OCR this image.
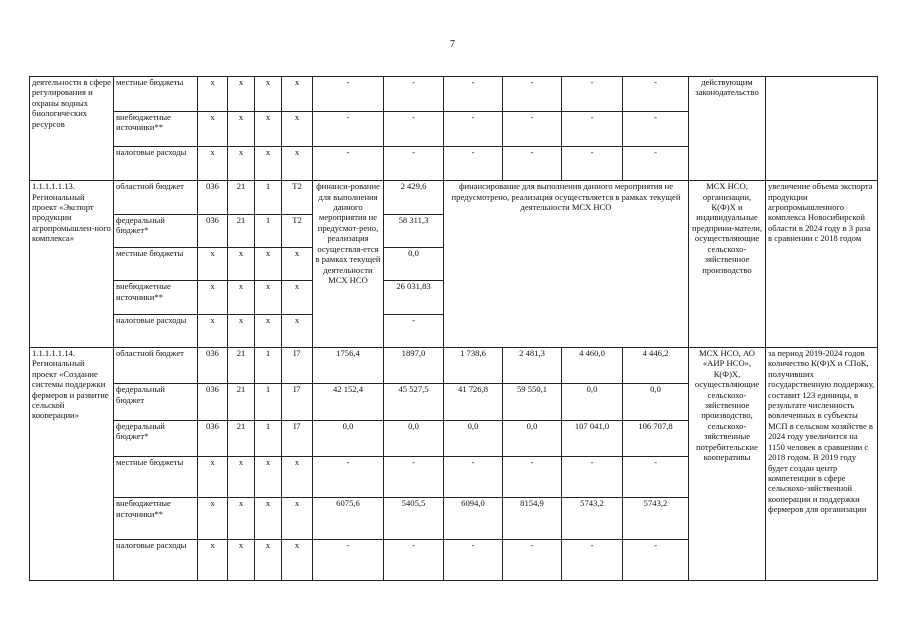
7
деятельности в сфере регулирования и охраны водных биологических ресурсов	местные бюджеты	х	х	х	х	-	-	-	-	-	-	действующим законодательство	
	внебюджетные источники**	х	х	х	х	-	-	-	-	-	-		
	налоговые расходы	х	х	х	х	-	-	-	-	-	-		
1.1.1.1.1.13. Региональный проект «Экспорт продукции агропромышлен-ного комплекса»	областной бюджет	036	21	1	Т2	финанси-рование для выполнения данного мероприятия не предусмот-рено, реализация осуществля-ется в рамках текущей деятельности МСХ НСО	2 429,6	финансирование для выполнения данного мероприятия не предусмотрено, реализация осуществляется в рамках текущей деятельности МСХ НСО				МСХ НСО, организации, К(Ф)Х и индивидуальные предприни-матели, осуществляющие сельскохо-зяйственное производство	увеличение объема экспорта продукции агропромышленного комплекса Новосибирской области в 2024 году в 3 раза в сравнении с 2018 годом
	федеральный бюджет*	036	21	1	Т2		58 311,3						
	местные бюджеты	х	х	х	х		0,0						
	внебюджетные источники**	х	х	х	х		26 031,83						
	налоговые расходы	х	х	х	х		-						
1.1.1.1.1.14. Региональный проект «Создание системы поддержки фермеров и развитие сельской кооперации»	областной бюджет	036	21	1	I7	1756,4	1897,0	1 738,6	2 481,3	4 460,0	4 446,2	МСХ НСО, АО «АИР НСО», К(Ф)Х, осуществляющие сельскохо-зяйственное производство, сельскохо-зяйственные потребительские кооперативы	за период 2019-2024 годов количество К(Ф)Х и СПоК, получивших государственную поддержку, составит 123 единицы, в результате численность вовлеченных в субъекты МСП в сельском хозяйстве в 2024 году увеличится на 1150 человек в сравнении с 2018 годом. В 2019 году будет создан центр компетенции в сфере сельскохо-зяйственной кооперации и поддержки фермеров для организации
	федеральный бюджет	036	21	1	I7	42 152,4	45 527,5	41 726,8	59 550,1	0,0	0,0		
	федеральный бюджет*	036	21	1	I7	0,0	0,0	0,0	0,0	107 041,0	106 707,8		
	местные бюджеты	х	х	х	х	-	-	-	-	-	-		
	внебюджетные источники**	х	х	х	х	6075,6	5405,5	6094,0	8154,9	5743,2	5743,2		
	налоговые расходы	х	х	х	х	-	-	-	-	-	-		
